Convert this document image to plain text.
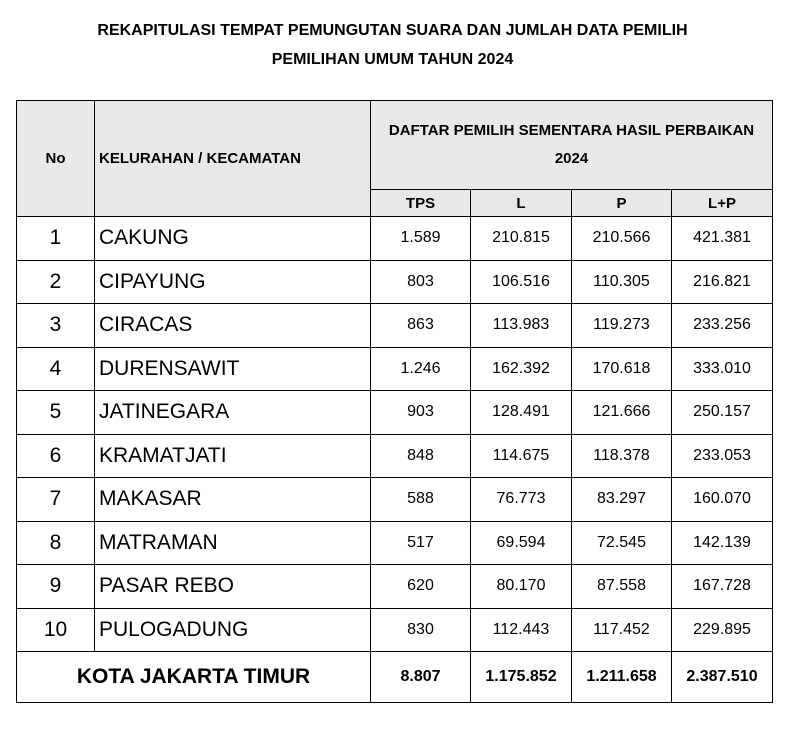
REKAPITULASI TEMPAT PEMUNGUTAN SUARA DAN JUMLAH DATA PEMILIH
PEMILIHAN UMUM TAHUN 2024
No	KELURAHAN / KECAMATAN	DAFTAR PEMILIH SEMENTARA HASIL PERBAIKAN 2024			
		TPS	L	P	L+P
1	CAKUNG	1.589	210.815	210.566	421.381
2	CIPAYUNG	803	106.516	110.305	216.821
3	CIRACAS	863	113.983	119.273	233.256
4	DURENSAWIT	1.246	162.392	170.618	333.010
5	JATINEGARA	903	128.491	121.666	250.157
6	KRAMATJATI	848	114.675	118.378	233.053
7	MAKASAR	588	76.773	83.297	160.070
8	MATRAMAN	517	69.594	72.545	142.139
9	PASAR REBO	620	80.170	87.558	167.728
10	PULOGADUNG	830	112.443	117.452	229.895
KOTA JAKARTA TIMUR		8.807	1.175.852	1.211.658	2.387.510
